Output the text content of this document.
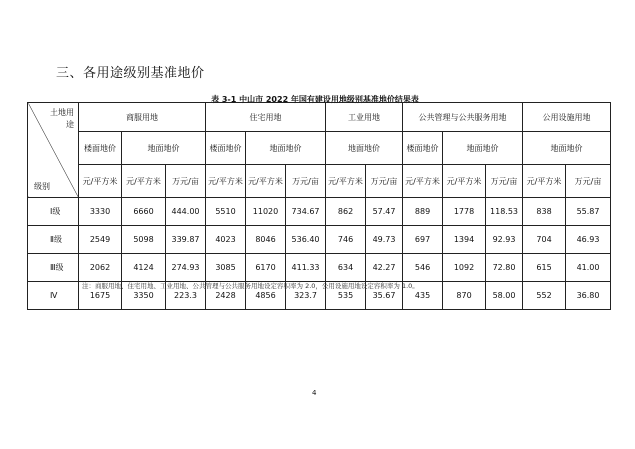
三、各用途级别基准地价
表 3-1 中山市 2022 年国有建设用地级别基准地价结果表
土地用途
级别	商服用地			住宅用地			工业用地		公共管理与公共服务用地			公用设施用地	
	楼面地价	地面地价		楼面地价	地面地价		地面地价		楼面地价	地面地价		地面地价	
	元/平方米	元/平方米	万元/亩	元/平方米	元/平方米	万元/亩	元/平方米	万元/亩	元/平方米	元/平方米	万元/亩	元/平方米	万元/亩
Ⅰ级	3330	6660	444.00	5510	11020	734.67	862	57.47	889	1778	118.53	838	55.87
Ⅱ级	2549	5098	339.87	4023	8046	536.40	746	49.73	697	1394	92.93	704	46.93
Ⅲ级	2062	4124	274.93	3085	6170	411.33	634	42.27	546	1092	72.80	615	41.00
Ⅳ	1675	3350	223.3	2428	4856	323.7	535	35.67	435	870	58.00	552	36.80
注：商服用地、住宅用地、工业用地、公共管理与公共服务用地设定容积率为 2.0，公用设施用地设定容积率为 1.0。
4
